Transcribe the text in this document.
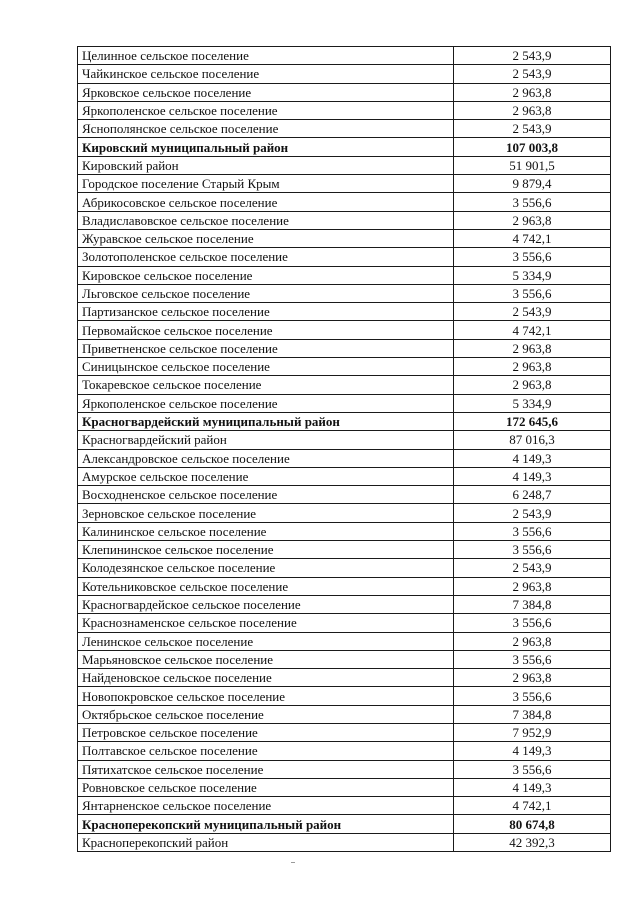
Целинное сельское поселение	2 543,9
Чайкинское сельское поселение	2 543,9
Ярковское сельское поселение	2 963,8
Яркополенское сельское поселение	2 963,8
Яснополянское сельское поселение	2 543,9
Кировский муниципальный район	107 003,8
Кировский район	51 901,5
Городское поселение Старый Крым	9 879,4
Абрикосовское сельское поселение	3 556,6
Владиславовское сельское поселение	2 963,8
Журавское сельское поселение	4 742,1
Золотополенское сельское поселение	3 556,6
Кировское сельское поселение	5 334,9
Льговское сельское поселение	3 556,6
Партизанское сельское поселение	2 543,9
Первомайское сельское поселение	4 742,1
Приветненское сельское поселение	2 963,8
Синицынское сельское поселение	2 963,8
Токаревское сельское поселение	2 963,8
Яркополенское сельское поселение	5 334,9
Красногвардейский муниципальный район	172 645,6
Красногвардейский район	87 016,3
Александровское сельское поселение	4 149,3
Амурское сельское поселение	4 149,3
Восходненское сельское поселение	6 248,7
Зерновское сельское поселение	2 543,9
Калининское сельское поселение	3 556,6
Клепининское сельское поселение	3 556,6
Колодезянское сельское поселение	2 543,9
Котельниковское сельское поселение	2 963,8
Красногвардейское сельское поселение	7 384,8
Краснознаменское сельское поселение	3 556,6
Ленинское сельское поселение	2 963,8
Марьяновское сельское поселение	3 556,6
Найденовское сельское поселение	2 963,8
Новопокровское сельское поселение	3 556,6
Октябрьское сельское поселение	7 384,8
Петровское сельское поселение	7 952,9
Полтавское сельское поселение	4 149,3
Пятихатское сельское поселение	3 556,6
Ровновское сельское поселение	4 149,3
Янтарненское сельское поселение	4 742,1
Красноперекопский муниципальный район	80 674,8
Красноперекопский район	42 392,3
